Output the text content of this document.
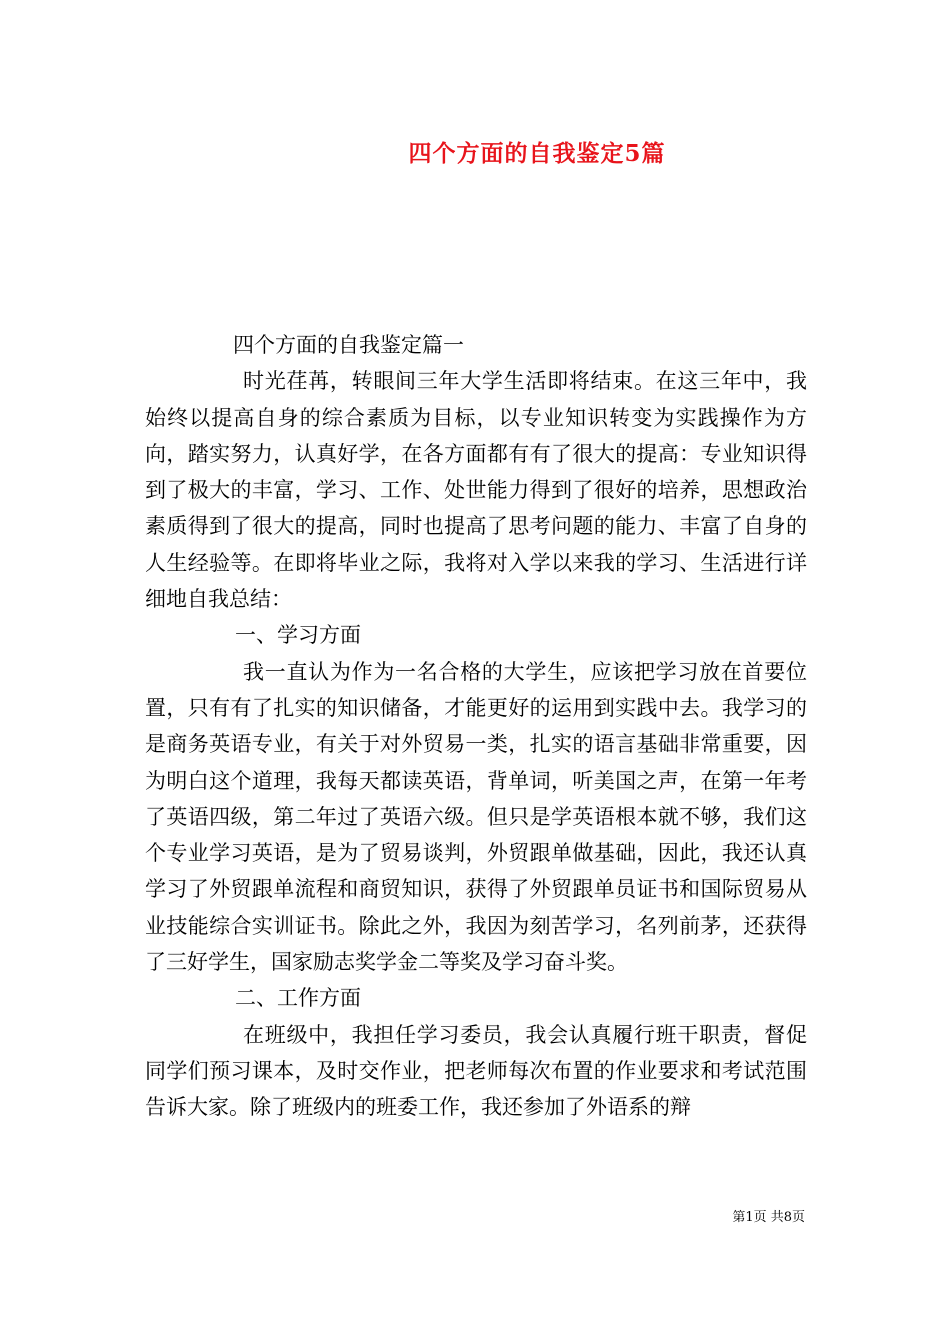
四个方面的自我鉴定5篇

四个方面的自我鉴定篇一

时光荏苒，转眼间三年大学生活即将结束。在这三年中，我始终以提高自身的综合素质为目标，以专业知识转变为实践操作为方向，踏实努力，认真好学，在各方面都有有了很大的提高：专业知识得到了极大的丰富，学习、工作、处世能力得到了很好的培养，思想政治素质得到了很大的提高，同时也提高了思考问题的能力、丰富了自身的人生经验等。在即将毕业之际，我将对入学以来我的学习、生活进行详细地自我总结：

一、学习方面

我一直认为作为一名合格的大学生，应该把学习放在首要位置，只有有了扎实的知识储备，才能更好的运用到实践中去。我学习的是商务英语专业，有关于对外贸易一类，扎实的语言基础非常重要，因为明白这个道理，我每天都读英语，背单词，听美国之声，在第一年考了英语四级，第二年过了英语六级。但只是学英语根本就不够，我们这个专业学习英语，是为了贸易谈判，外贸跟单做基础，因此，我还认真学习了外贸跟单流程和商贸知识，获得了外贸跟单员证书和国际贸易从业技能综合实训证书。除此之外，我因为刻苦学习，名列前茅，还获得了三好学生，国家励志奖学金二等奖及学习奋斗奖。

二、工作方面

在班级中，我担任学习委员，我会认真履行班干职责，督促同学们预习课本，及时交作业，把老师每次布置的作业要求和考试范围告诉大家。除了班级内的班委工作，我还参加了外语系的辩

第1页 共8页
